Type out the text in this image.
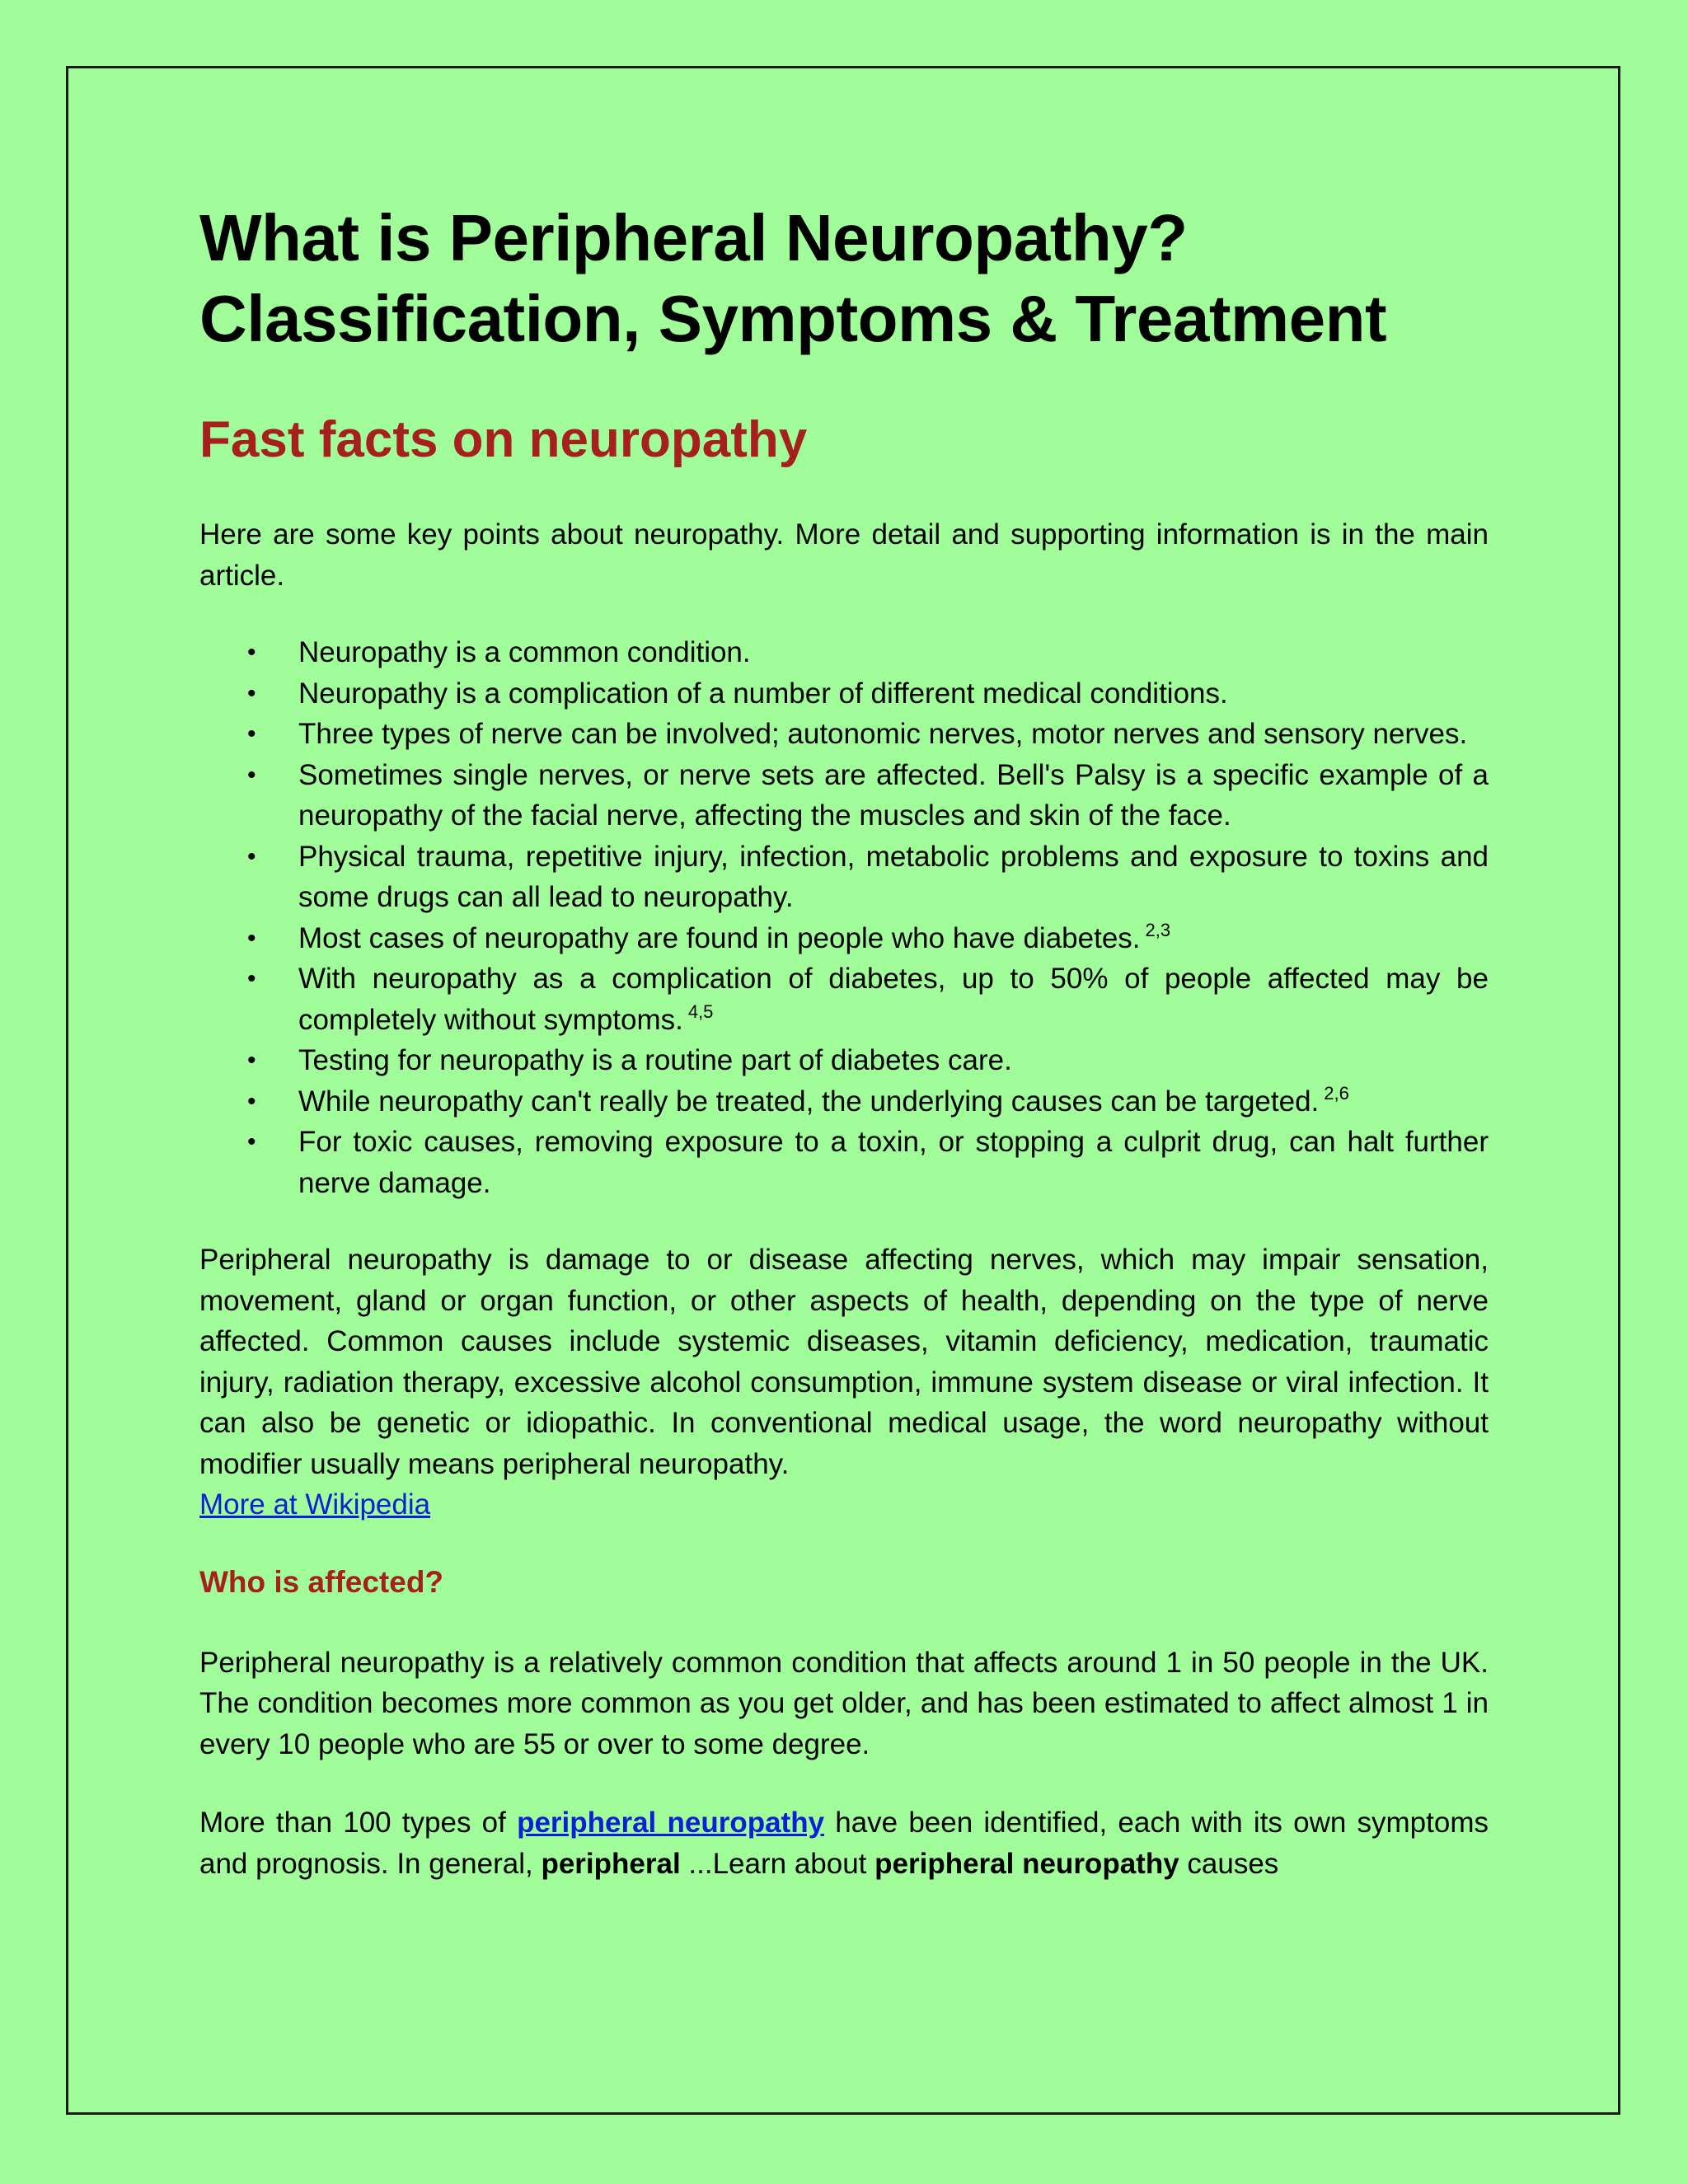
What is Peripheral Neuropathy?
Classification, Symptoms & Treatment
Fast facts on neuropathy

Here are some key points about neuropathy. More detail and supporting information is in the main article.

• Neuropathy is a common condition.
• Neuropathy is a complication of a number of different medical conditions.
• Three types of nerve can be involved; autonomic nerves, motor nerves and sensory nerves.
• Sometimes single nerves, or nerve sets are affected. Bell's Palsy is a specific example of a neuropathy of the facial nerve, affecting the muscles and skin of the face.
• Physical trauma, repetitive injury, infection, metabolic problems and exposure to toxins and some drugs can all lead to neuropathy.
• Most cases of neuropathy are found in people who have diabetes. $^{2,3}$
• With neuropathy as a complication of diabetes, up to 50% of people affected may be completely without symptoms. $^{4,5}$
• Testing for neuropathy is a routine part of diabetes care.
• While neuropathy can't really be treated, the underlying causes can be targeted. $^{2,6}$
• For toxic causes, removing exposure to a toxin, or stopping a culprit drug, can halt further nerve damage.

Peripheral neuropathy is damage to or disease affecting nerves, which may impair sensation, movement, gland or organ function, or other aspects of health, depending on the type of nerve affected. Common causes include systemic diseases, vitamin deficiency, medication, traumatic injury, radiation therapy, excessive alcohol consumption, immune system disease or viral infection. It can also be genetic or idiopathic. In conventional medical usage, the word neuropathy without modifier usually means peripheral neuropathy.

More at Wikipedia
Who is affected?

Peripheral neuropathy is a relatively common condition that affects around 1 in 50 people in the UK. The condition becomes more common as you get older, and has been estimated to affect almost 1 in every 10 people who are 55 or over to some degree.

More than 100 types of peripheral neuropathy have been identified, each with its own symptoms and prognosis. In general, peripheral ...Learn about peripheral neuropathy causes
